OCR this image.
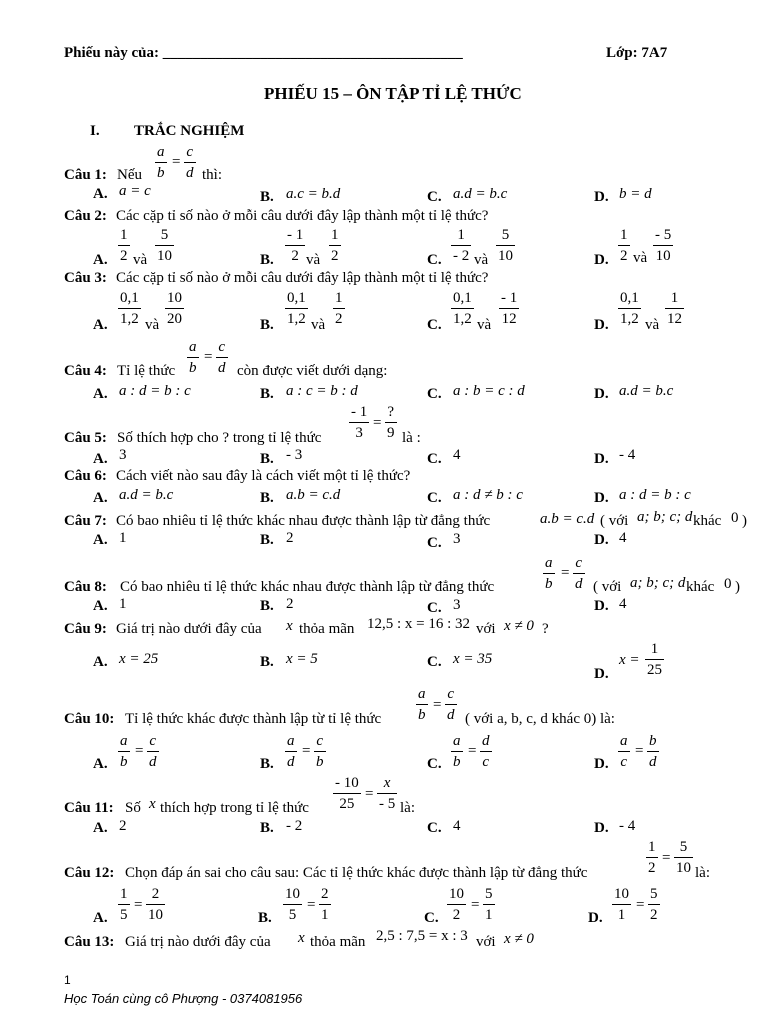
Phiếu này của: ________________________________________	Lớp: 7A7
PHIẾU 15 – ÔN TẬP TỈ LỆ THỨC
I. TRẮC NGHIỆM
Câu 1: Nếu
a
b
=
c
d thì:
A. a = c	B. a.c = b.d	C. a.d = b.c	D. b = d
Câu 2: Các cặp tỉ số nào ở mỗi câu dưới đây lập thành một tỉ lệ thức?
A.
1
2 và
5
10	B.
- 1
2 và
1
2	C.
1
- 2 và
5
10	D.
1
2 và
- 5
10
Câu 3: Các cặp tỉ số nào ở mỗi câu dưới đây lập thành một tỉ lệ thức?
A.
0,1
1,2 và
10
20	B.
0,1
1,2 và
1
2	C.
0,1
1,2 và
- 1
12	D.
0,1
1,2 và
1
12
Câu 4: Tỉ lệ thức
a
b
=
c
d còn được viết dưới dạng:
A. a : d = b : c	B. a : c = b : d	C. a : b = c : d	D. a.d = b.c
Câu 5: Số thích hợp cho ? trong tỉ lệ thức
- 1
3
=
?
9 là :
A. 3	B. - 3	C. 4	D. - 4
Câu 6: Cách viết nào sau đây là cách viết một tỉ lệ thức?
A. a.d = b.c	B. a.b = c.d	C. a : d ≠ b : c	D. a : d = b : c
Câu 7: Có bao nhiêu tỉ lệ thức khác nhau được thành lập từ đẳng thức	a.b = c.d ( với a; b; c; d khác 0 )
A. 1	B. 2	C. 3	D. 4
Câu 8: Có bao nhiêu tỉ lệ thức khác nhau được thành lập từ đẳng thức
a
b
=
c
d ( với a; b; c; d khác 0 )
A. 1	B. 2	C. 3	D. 4
Câu 9: Giá trị nào dưới đây của x thỏa mãn 12,5 : x = 16 : 32 với x ≠ 0 ?
A. x = 25	B. x = 5	C. x = 35
D.
x =
1
25
Câu 10: Tỉ lệ thức khác được thành lập từ tỉ lệ thức
a
b
=
c
d ( với a, b, c, d khác 0) là:
A.
a
b
=
c
d	B.
a
d
=
c
b	C.
a
b
=
d
c	D.
a
c
=
b
d
Câu 11: Số x thích hợp trong tỉ lệ thức
- 10
25
=
x
- 5 là:
A. 2	B. - 2	C. 4	D. - 4
Câu 12: Chọn đáp án sai cho câu sau: Các tỉ lệ thức khác được thành lập từ đẳng thức
1
2
=
5
10 là:
A.
1
5
=
2
10	B.
10
5
=
2
1	C.
10
2
=
5
1	D.
10
1
=
5
2
Câu 13: Giá trị nào dưới đây của x thỏa mãn 2,5 : 7,5 = x : 3 với x ≠ 0
1
Học Toán cùng cô Phượng - 0374081956
